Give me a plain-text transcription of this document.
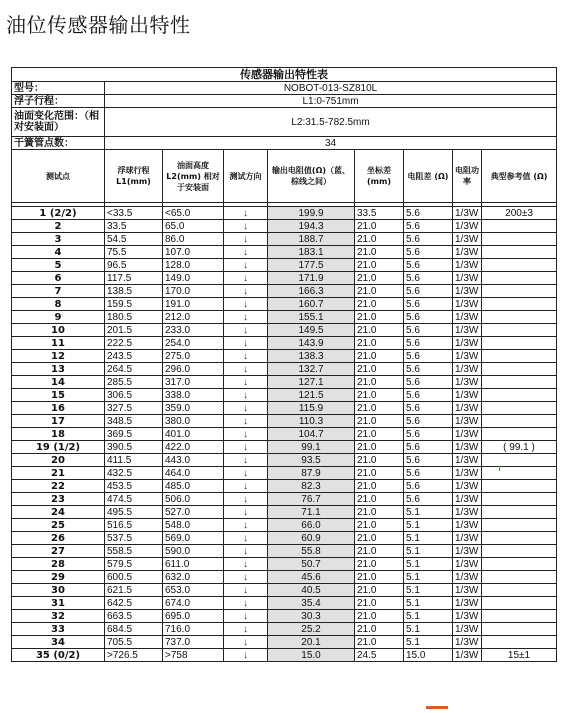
油位传感器输出特性
传感器输出特性表								
型号：	NOBOT-013-SZ810L							
浮子行程：	L1:0-751mm							
油面变化范围：（相对安装面）	L2:31.5-782.5mm							
干簧管点数：	34							
测试点	浮球行程 L1(mm)	油面高度 L2(mm) 相对于安装面	测试方向	输出电阻值(Ω)（蓝、棕线之间）	坐标差 (mm)	电阻差 (Ω)	电阻功率	典型参考值 (Ω)

1 (2/2)	<33.5	<65.0	↓	199.9	33.5	5.6	1/3W	200±3
2	33.5	65.0	↓	194.3	21.0	5.6	1/3W	
3	54.5	86.0	↓	188.7	21.0	5.6	1/3W	
4	75.5	107.0	↓	183.1	21.0	5.6	1/3W	
5	96.5	128.0	↓	177.5	21.0	5.6	1/3W	
6	117.5	149.0	↓	171.9	21.0	5.6	1/3W	
7	138.5	170.0	↓	166.3	21.0	5.6	1/3W	
8	159.5	191.0	↓	160.7	21.0	5.6	1/3W	
9	180.5	212.0	↓	155.1	21.0	5.6	1/3W	
10	201.5	233.0	↓	149.5	21.0	5.6	1/3W	
11	222.5	254.0	↓	143.9	21.0	5.6	1/3W	
12	243.5	275.0	↓	138.3	21.0	5.6	1/3W	
13	264.5	296.0	↓	132.7	21.0	5.6	1/3W	
14	285.5	317.0	↓	127.1	21.0	5.6	1/3W	
15	306.5	338.0	↓	121.5	21.0	5.6	1/3W	
16	327.5	359.0	↓	115.9	21.0	5.6	1/3W	
17	348.5	380.0	↓	110.3	21.0	5.6	1/3W	
18	369.5	401.0	↓	104.7	21.0	5.6	1/3W	
19 (1/2)	390.5	422.0	↓	99.1	21.0	5.6	1/3W	( 99.1 )
20	411.5	443.0	↓	93.5	21.0	5.6	1/3W	
21	432.5	464.0	↓	87.9	21.0	5.6	1/3W	
22	453.5	485.0	↓	82.3	21.0	5.6	1/3W	
23	474.5	506.0	↓	76.7	21.0	5.6	1/3W	
24	495.5	527.0	↓	71.1	21.0	5.1	1/3W	
25	516.5	548.0	↓	66.0	21.0	5.1	1/3W	
26	537.5	569.0	↓	60.9	21.0	5.1	1/3W	
27	558.5	590.0	↓	55.8	21.0	5.1	1/3W	
28	579.5	611.0	↓	50.7	21.0	5.1	1/3W	
29	600.5	632.0	↓	45.6	21.0	5.1	1/3W	
30	621.5	653.0	↓	40.5	21.0	5.1	1/3W	
31	642.5	674.0	↓	35.4	21.0	5.1	1/3W	
32	663.5	695.0	↓	30.3	21.0	5.1	1/3W	
33	684.5	716.0	↓	25.2	21.0	5.1	1/3W	
34	705.5	737.0	↓	20.1	21.0	5.1	1/3W	
35 (0/2)	>726.5	>758	↓	15.0	24.5	15.0	1/3W	15±1
